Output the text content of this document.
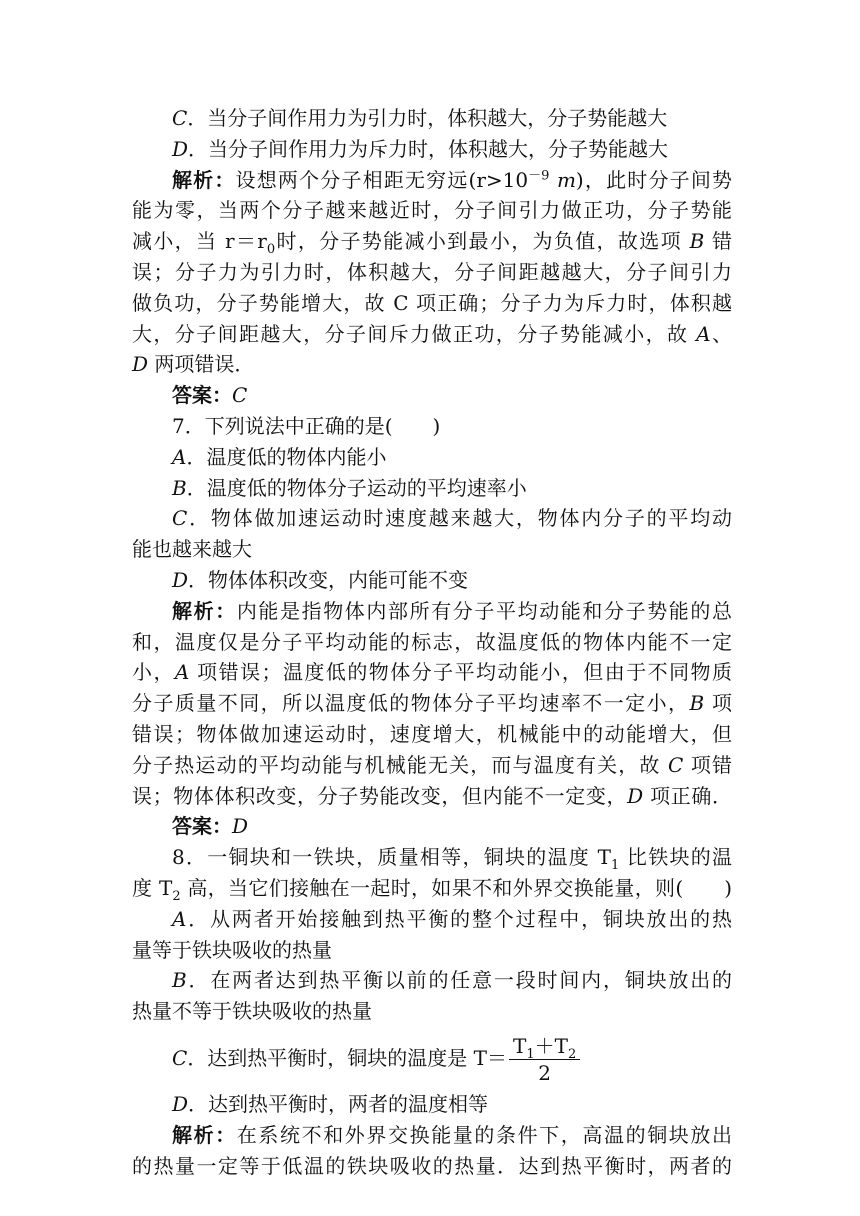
C．当分子间作用力为引力时，体积越大，分子势能越大
D．当分子间作用力为斥力时，体积越大，分子势能越大
解析：设想两个分子相距无穷远($r>10^{-9}$ m)，此时分子间势
能为零，当两个分子越来越近时，分子间引力做正功，分子势能
减小，当 $r=r_0$时，分子势能减小到最小，为负值，故选项 B 错
误；分子力为引力时，体积越大，分子间距越越大，分子间引力
做负功，分子势能增大，故 C 项正确；分子力为斥力时，体积越
大，分子间距越大，分子间斥力做正功，分子势能减小，故 A、
D 两项错误．
答案：C
7．下列说法中正确的是(　　)
A．温度低的物体内能小
B．温度低的物体分子运动的平均速率小
C．物体做加速运动时速度越来越大，物体内分子的平均动
能也越来越大
D．物体体积改变，内能可能不变
解析：内能是指物体内部所有分子平均动能和分子势能的总
和，温度仅是分子平均动能的标志，故温度低的物体内能不一定
小，A 项错误；温度低的物体分子平均动能小，但由于不同物质
分子质量不同，所以温度低的物体分子平均速率不一定小，B 项
错误；物体做加速运动时，速度增大，机械能中的动能增大，但
分子热运动的平均动能与机械能无关，而与温度有关，故 C 项错
误；物体体积改变，分子势能改变，但内能不一定变，D 项正确．
答案：D
8．一铜块和一铁块，质量相等，铜块的温度 $T_1$ 比铁块的温
度 $T_2$ 高，当它们接触在一起时，如果不和外界交换能量，则(　　)
A．从两者开始接触到热平衡的整个过程中，铜块放出的热
量等于铁块吸收的热量
B．在两者达到热平衡以前的任意一段时间内，铜块放出的
热量不等于铁块吸收的热量
C．达到热平衡时，铜块的温度是 $T= \frac{T_1+T_2}{2}$
D．达到热平衡时，两者的温度相等
解析：在系统不和外界交换能量的条件下，高温的铜块放出
的热量一定等于低温的铁块吸收的热量．达到热平衡时，两者的
